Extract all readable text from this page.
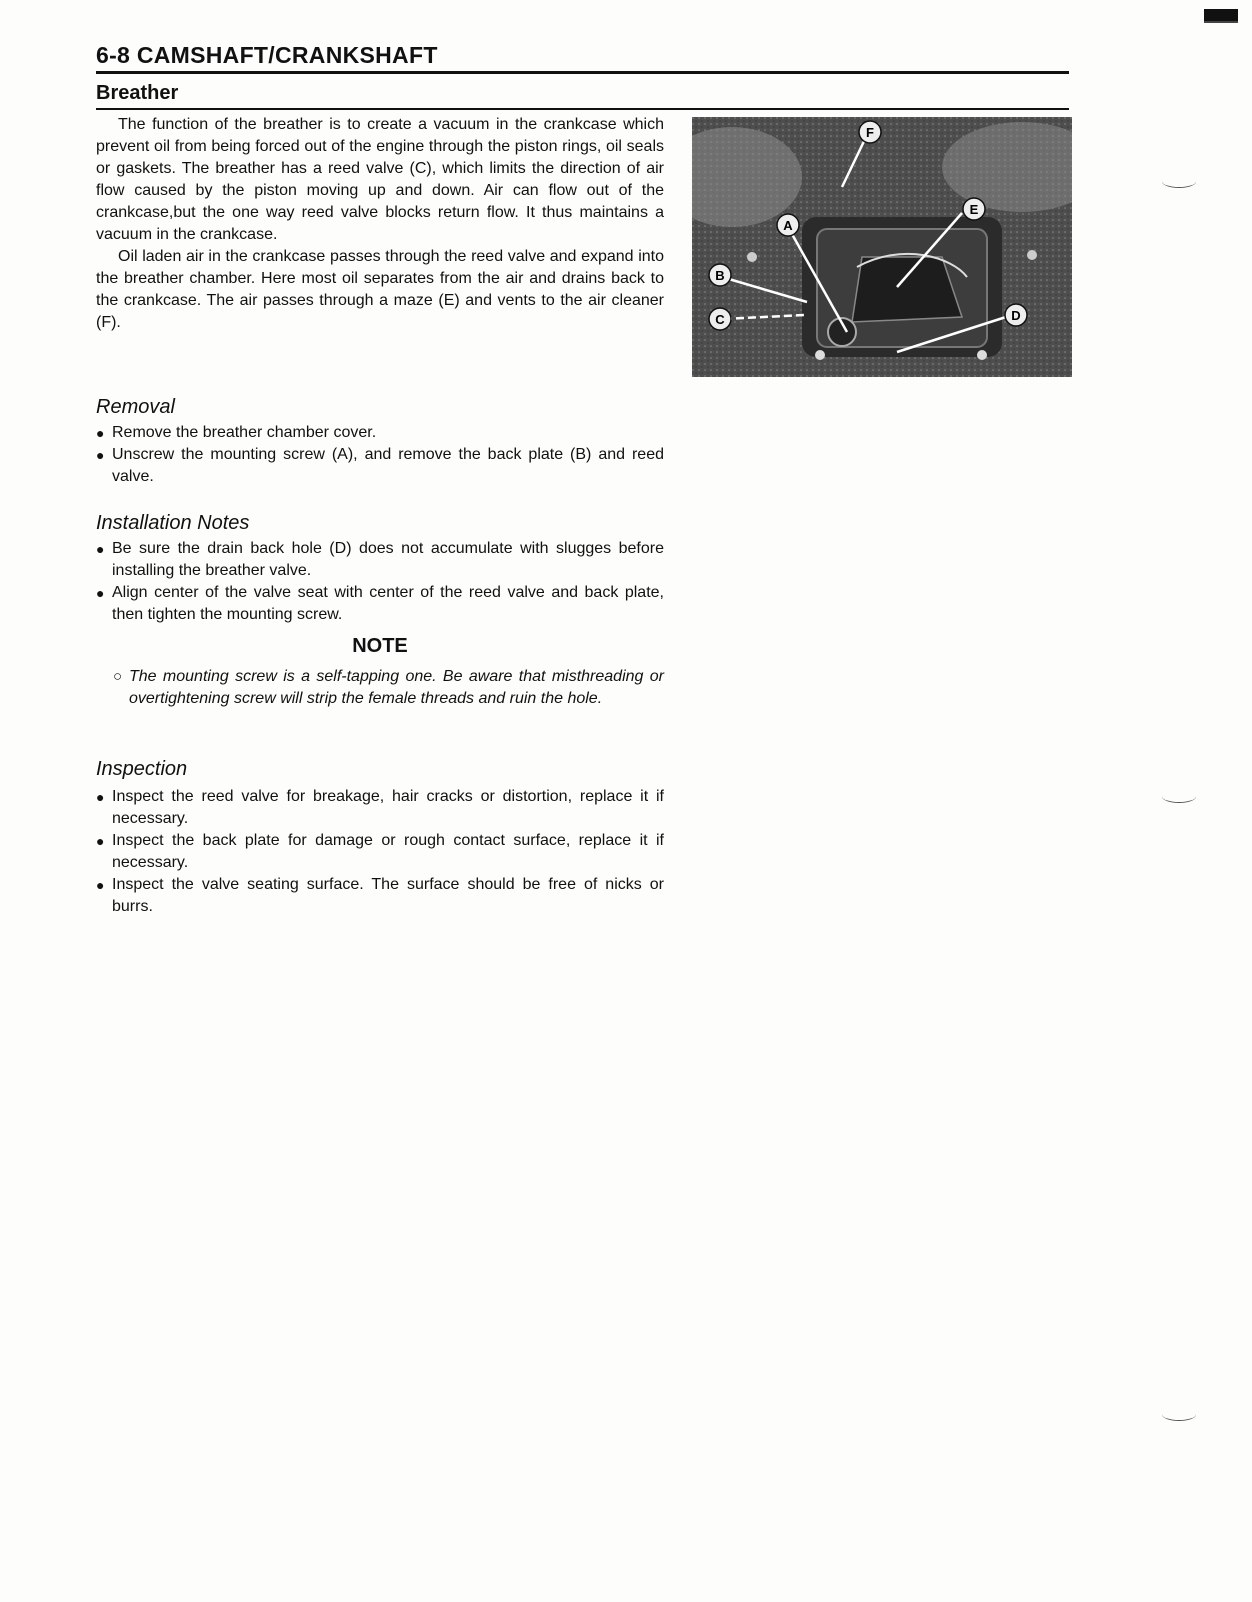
6-8 CAMSHAFT/CRANKSHAFT
Breather

The function of the breather is to create a vacuum in the crankcase which prevent oil from being forced out of the engine through the piston rings, oil seals or gaskets. The breather has a reed valve (C), which limits the direction of air flow caused by the piston moving up and down. Air can flow out of the crankcase,but the one way reed valve blocks return flow. It thus maintains a vacuum in the crankcase.

Oil laden air in the crankcase passes through the reed valve and expand into the breather chamber. Here most oil separates from the air and drains back to the crankcase. The air passes through a maze (E) and vents to the air cleaner (F).

F
E
A
B
C	D
Removal

● Remove the breather chamber cover.

● Unscrew the mounting screw (A), and remove the back plate (B) and reed valve.

Installation Notes

● Be sure the drain back hole (D) does not accumulate with slugges before installing the breather valve.

● Align center of the valve seat with center of the reed valve and back plate, then tighten the mounting screw.

NOTE
○ The mounting screw is a self-tapping one. Be aware that misthreading or overtightening screw will strip the female threads and ruin the hole.
Inspection

● Inspect the reed valve for breakage, hair cracks or distortion, replace it if necessary.

● Inspect the back plate for damage or rough contact surface, replace it if necessary.

● Inspect the valve seating surface. The surface should be free of nicks or burrs.
